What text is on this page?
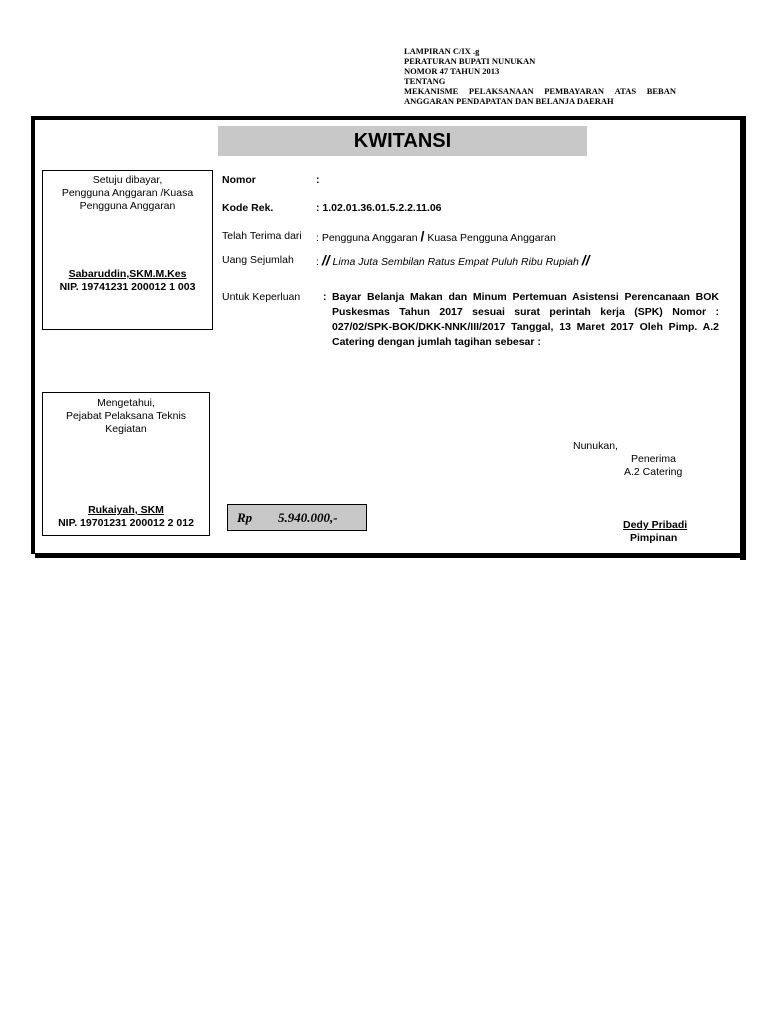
LAMPIRAN C/IX .g
PERATURAN BUPATI NUNUKAN
NOMOR 47 TAHUN 2013
TENTANG
MEKANISME PELAKSANAAN PEMBAYARAN ATAS BEBAN
ANGGARAN PENDAPATAN DAN BELANJA DAERAH
KWITANSI
Setuju dibayar,
Pengguna Anggaran /Kuasa
Pengguna Anggaran
Sabaruddin,SKM.M.Kes
NIP. 19741231 200012 1 003
Mengetahui,
Pejabat Pelaksana Teknis
Kegiatan
Rukaiyah, SKM
NIP. 19701231 200012 2 012
Nomor	:
Kode Rek.	: 1.02.01.36.01.5.2.2.11.06
Telah Terima dari : Pengguna Anggaran / Kuasa Pengguna Anggaran
Uang Sejumlah : // Lima Juta Sembilan Ratus Empat Puluh Ribu Rupiah //
Untuk Keperluan : Bayar Belanja Makan dan Minum Pertemuan Asistensi Perencanaan BOK Puskesmas Tahun 2017 sesuai surat perintah kerja (SPK) Nomor : 027/02/SPK-BOK/DKK-NNK/III/2017 Tanggal, 13 Maret 2017 Oleh Pimp. A.2 Catering dengan jumlah tagihan sebesar :
Rp 5.940.000,-
Nunukan,
Penerima
A.2 Catering
Dedy Pribadi
Pimpinan
